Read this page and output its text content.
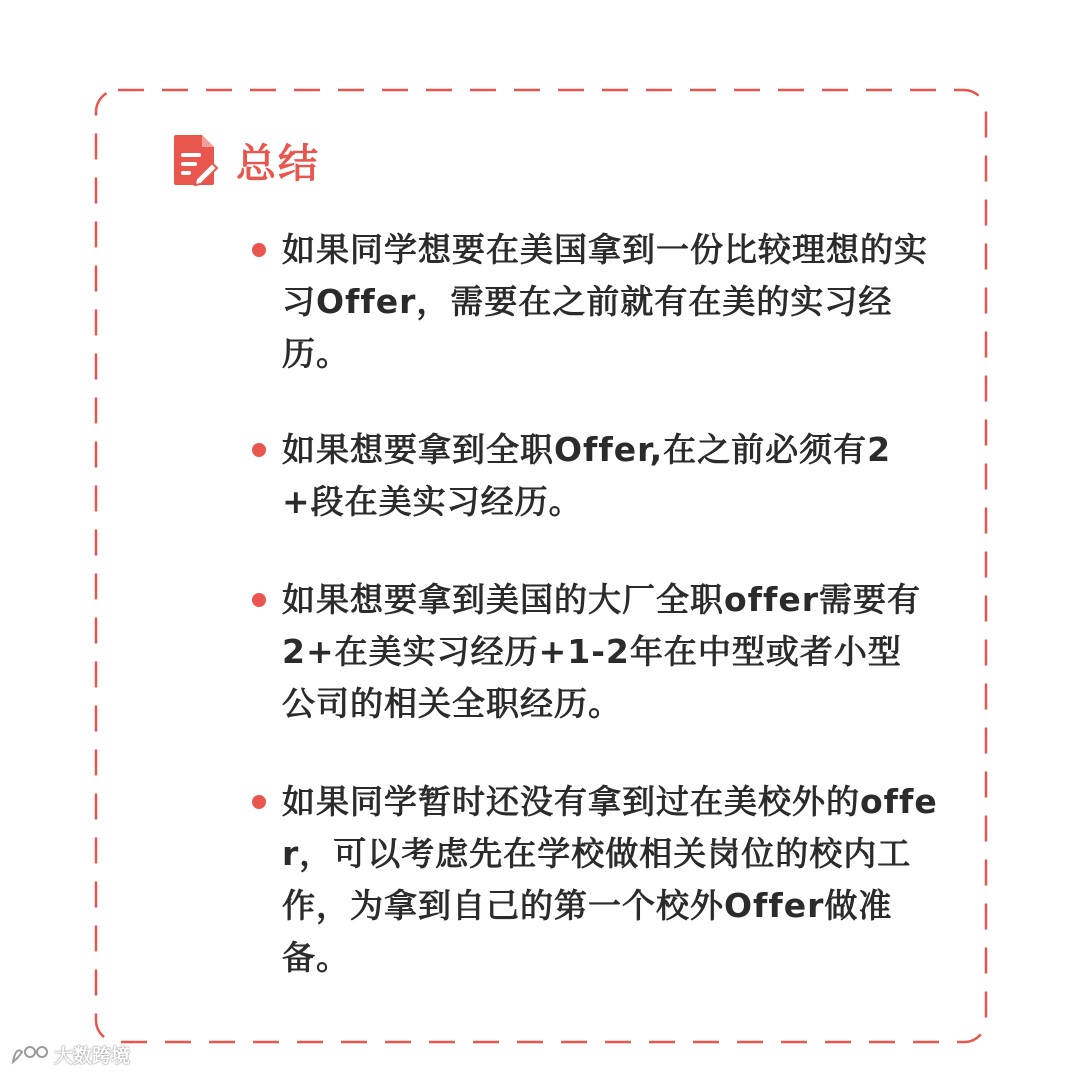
总结
如果同学想要在美国拿到一份比较理想的实习Offer，需要在之前就有在美的实习经历。
如果想要拿到全职Offer,在之前必须有2+段在美实习经历。
如果想要拿到美国的大厂全职offer需要有2+在美实习经历+1-2年在中型或者小型公司的相关全职经历。
如果同学暂时还没有拿到过在美校外的offer，可以考虑先在学校做相关岗位的校内工作，为拿到自己的第一个校外Offer做准备。
大数跨境
